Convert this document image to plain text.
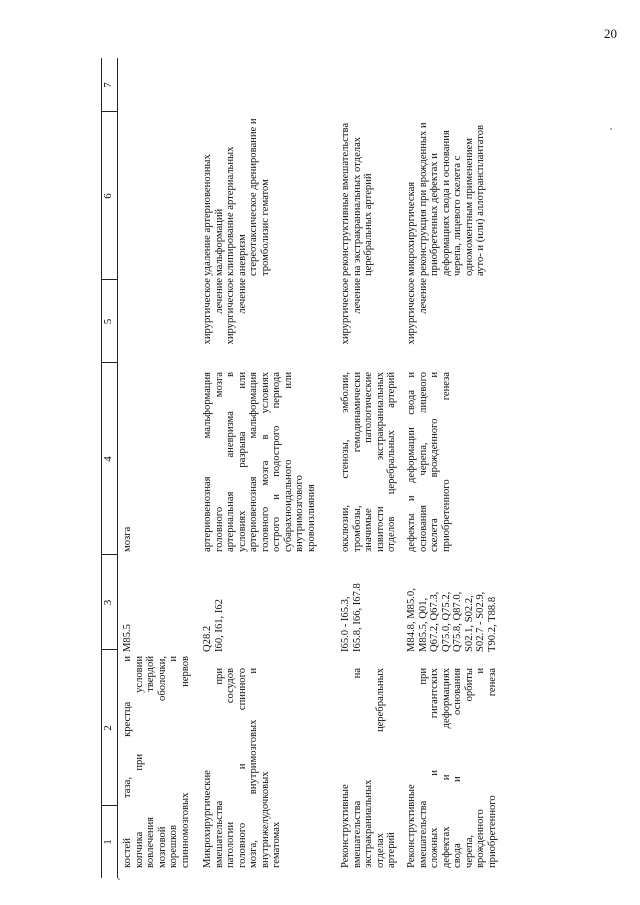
20
1
2
3
4
5
6
7
костей таза, крестца и копчика при условии вовлечения твердой мозговой оболочки, корешков и спинномозговых нервов
M85.5
мозга
Микрохирургические вмешательства при патологии сосудов головного и спинного мозга, внутримозговых и внутрижелудочковых гематомах
Q28.2 I60, I61, I62
артериовенозная мальформация головного мозга артериальная аневризма в условиях разрыва или артериовенозная мальформация головного мозга в условиях острого и подострого периода субарахноидального или внутримозгового кровоизлияния
хирургическое лечение хирургическое лечение
удаление артериовенозных мальформаций клипирование артериальных аневризм стереотаксическое дренирование и тромболизис гематом
Реконструктивные вмешательства на экстракраниальных отделах церебральных артерий
I65.0 - I65.3, I65.8, I66, I67.8
окклюзии, стенозы, эмболии, тромбозы, гемодинамически значимые патологические извитости экстракраниальных отделов церебральных артерий
хирургическое лечение
реконструктивные вмешательства на экстракраниальных отделах церебральных артерий
Реконструктивные вмешательства при сложных и гигантских дефектах и деформациях свода и основания черепа, орбиты врожденного и приобретенного генеза
M84.8, M85.0, M85.5, Q01, Q67.2, Q67.3, Q75.0, Q75.2, Q75.8, Q87.0, S02.1, S02.2, S02.7 - S02.9, T90.2, T88.8
дефекты и деформации свода и основания черепа, лицевого скелета врожденного и приобретенного генеза
хирургическое лечение
микрохирургическая реконструкция при врожденных и приобретенных дефектах и деформациях свода и основания черепа, лицевого скелета с одномоментным применением ауто- и (или) аллотрансплантатов
